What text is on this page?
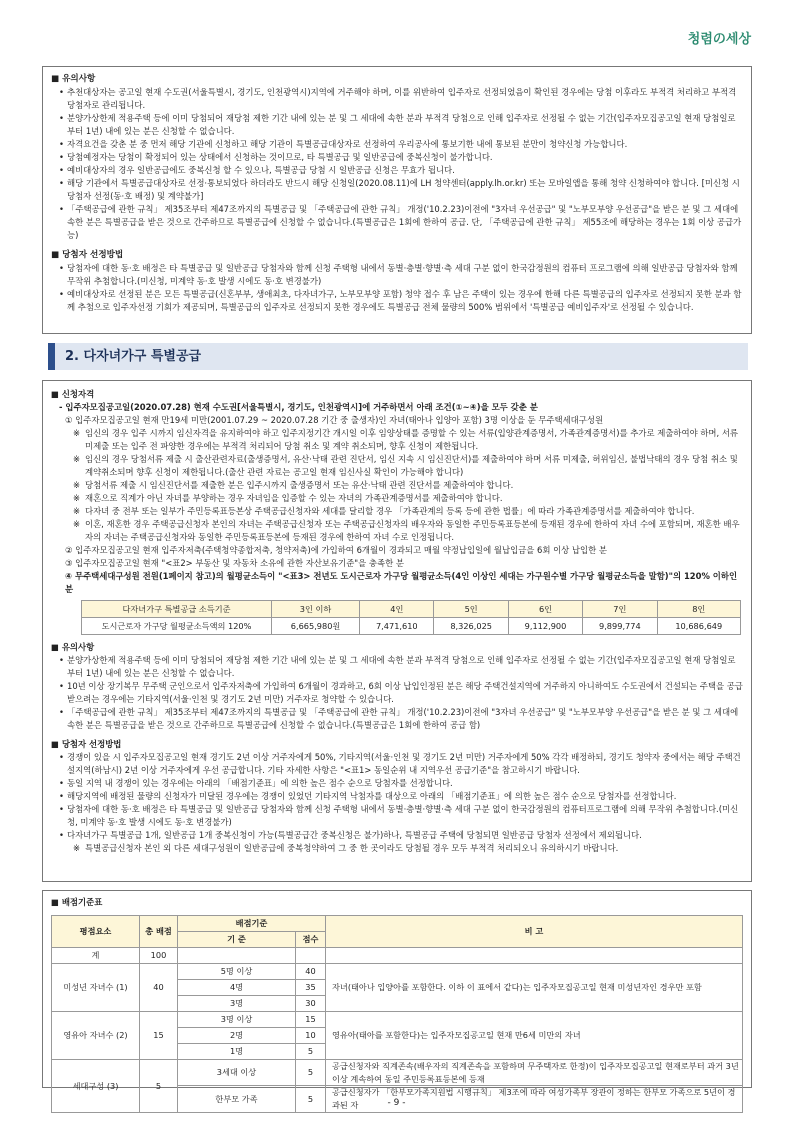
청렴の세상
■ 유의사항
• 추천대상자는 공고일 현재 수도권(서울특별시, 경기도, 인천광역시)지역에 거주해야 하며, 이를 위반하여 입주자로 선정되었음이 확인된 경우에는 당첨 이후라도 부적격 처리하고 부적격 당첨자로 관리됩니다.
• 분양가상한제 적용주택 등에 이미 당첨되어 재당첨 제한 기간 내에 있는 분 및 그 세대에 속한 분과 부적격 당첨으로 인해 입주자로 선정될 수 없는 기간(입주자모집공고일 현재 당첨일로부터 1년) 내에 있는 분은 신청할 수 없습니다.
• 자격요건을 갖춘 분 중 먼저 해당 기관에 신청하고 해당 기관이 특별공급대상자로 선정하여 우리공사에 통보기한 내에 통보된 분만이 청약신청 가능합니다.
• 당첨예정자는 당첨이 확정되어 있는 상태에서 신청하는 것이므로, 타 특별공급 및 일반공급에 중복신청이 불가합니다.
• 예비대상자의 경우 일반공급에도 중복신청 할 수 있으나, 특별공급 당첨 시 일반공급 신청은 무효가 됩니다.
• 해당 기관에서 특별공급대상자로 선정·통보되었다 하더라도 반드시 해당 신청일(2020.08.11)에 LH 청약센터(apply.lh.or.kr) 또는 모바일앱을 통해 청약 신청하여야 합니다. [미신청 시 당첨자 선정(동·호 배정) 및 계약불가]
• 「주택공급에 관한 규칙」 제35조부터 제47조까지의 특별공급 및 「주택공급에 관한 규칙」 개정('10.2.23)이전에 "3자녀 우선공급" 및 "노부모부양 우선공급"을 받은 분 및 그 세대에 속한 분은 특별공급을 받은 것으로 간주하므로 특별공급에 신청할 수 없습니다.(특별공급은 1회에 한하여 공급. 단, 「주택공급에 관한 규칙」 제55조에 해당하는 경우는 1회 이상 공급가능)
■ 당첨자 선정방법
• 당첨자에 대한 동·호 배정은 타 특별공급 및 일반공급 당첨자와 함께 신청 주택형 내에서 동별·층별·향별·측 세대 구분 없이 한국감정원의 컴퓨터 프로그램에 의해 일반공급 당첨자와 함께 무작위 추첨합니다.(미신청, 미계약 동·호 발생 시에도 동·호 변경불가)
• 예비대상자로 선정된 분은 모든 특별공급(신혼부부, 생애최초, 다자녀가구, 노부모부양 포함) 청약 접수 후 남은 주택이 있는 경우에 한해 다른 특별공급의 입주자로 선정되지 못한 분과 함께 추첨으로 입주자선정 기회가 제공되며, 특별공급의 입주자로 선정되지 못한 경우에도 특별공급 전체 물량의 500% 범위에서 '특별공급 예비입주자'로 선정될 수 있습니다.
2. 다자녀가구 특별공급
■ 신청자격
- 입주자모집공고일(2020.07.28) 현재 수도권[서울특별시, 경기도, 인천광역시]에 거주하면서 아래 조건(①~④)을 모두 갖춘 분
① 입주자모집공고일 현재 만19세 미만(2001.07.29 ~ 2020.07.28 기간 중 출생자)인 자녀(태아나 입양아 포함) 3명 이상을 둔 무주택세대구성원
※ 임신의 경우 입주 시까지 임신자격을 유지하여야 하고 입주지정기간 개시일 이후 임양상태를 증명할 수 있는 서류(입양관계증명서, 가족관계증명서)를 추가로 제출하여야 하며, 서류 미제출 또는 입주 전 파양한 경우에는 부적격 처리되어 당첨 취소 및 계약 취소되며, 향후 신청이 제한됩니다.
※ 임신의 경우 당첨서류 제출 시 출산관련자료(출생증명서, 유산·낙태 관련 진단서, 임신 지속 시 임신진단서)를 제출하여야 하며 서류 미제출, 허위임신, 불법낙태의 경우 당첨 취소 및 계약취소되며 향후 신청이 제한됩니다.(출산 관련 자료는 공고일 현재 임신사실 확인이 가능해야 합니다)
※ 당첨서류 제출 시 임신진단서를 제출한 분은 입주시까지 출생증명서 또는 유산·낙태 관련 진단서를 제출하여야 합니다.
※ 재혼으로 직계가 아닌 자녀를 부양하는 경우 자녀임을 입증할 수 있는 자녀의 가족관계증명서를 제출하여야 합니다.
※ 다자녀 중 전부 또는 일부가 주민등록표등본상 주택공급신청자와 세대를 달리할 경우 「가족관계의 등록 등에 관한 법률」에 따라 가족관계증명서를 제출하여야 합니다.
※ 이혼, 재혼한 경우 주택공급신청자 본인의 자녀는 주택공급신청자 또는 주택공급신청자의 배우자와 동일한 주민등록표등본에 등재된 경우에 한하여 자녀 수에 포함되며, 재혼한 배우자의 자녀는 주택공급신청자와 동일한 주민등록표등본에 등재된 경우에 한하여 자녀 수로 인정됩니다.
② 입주자모집공고일 현재 입주자저축(주택청약종합저축, 청약저축)에 가입하여 6개월이 경과되고 매월 약정납입일에 월납입금을 6회 이상 납입한 분
③ 입주자모집공고일 현재 "<표2> 부동산 및 자동차 소유에 관한 자산보유기준"을 충족한 분
④ 무주택세대구성원 전원(1페이지 참고)의 월평균소득이 "<표3> 전년도 도시근로자 가구당 월평균소득(4인 이상인 세대는 가구원수별 가구당 월평균소득을 말함)"의 120% 이하인 분
다자녀가구 특별공급 소득기준	3인 이하	4인	5인	6인	7인	8인
도시근로자 가구당 월평균소득액의 120%	6,665,980원	7,471,610	8,326,025	9,112,900	9,899,774	10,686,649
■ 유의사항
• 분양가상한제 적용주택 등에 이미 당첨되어 재당첨 제한 기간 내에 있는 분 및 그 세대에 속한 분과 부적격 당첨으로 인해 입주자로 선정될 수 없는 기간(입주자모집공고일 현재 당첨일로부터 1년) 내에 있는 분은 신청할 수 없습니다.
• 10년 이상 장기복무 무주택 군인으로서 입주자저축에 가입하여 6개월이 경과하고, 6회 이상 납입인정된 분은 해당 주택건설지역에 거주하지 아니하여도 수도권에서 건설되는 주택을 공급받으려는 경우에는 기타지역(서울·인천 및 경기도 2년 미만) 거주자로 청약할 수 있습니다.
• 「주택공급에 관한 규칙」 제35조부터 제47조까지의 특별공급 및 「주택공급에 관한 규칙」 개정('10.2.23)이전에 "3자녀 우선공급" 및 "노부모부양 우선공급"을 받은 분 및 그 세대에 속한 분은 특별공급을 받은 것으로 간주하므로 특별공급에 신청할 수 없습니다.(특별공급은 1회에 한하여 공급 함)
■ 당첨자 선정방법
• 경쟁이 있을 시 입주자모집공고일 현재 경기도 2년 이상 거주자에게 50%, 기타지역(서울·인천 및 경기도 2년 미만) 거주자에게 50% 각각 배정하되, 경기도 청약자 중에서는 해당 주택건설지역(하남시) 2년 이상 거주자에게 우선 공급합니다. 기타 자세한 사항은 "<표1> 동일순위 내 지역우선 공급기준"을 참고하시기 바랍니다.
• 동일 지역 내 경쟁이 있는 경우에는 아래의 「배점기준표」에 의한 높은 점수 순으로 당첨자를 선정합니다.
• 해당지역에 배정된 물량의 신청자가 미달된 경우에는 경쟁이 있었던 기타지역 낙첨자를 대상으로 아래의 「배점기준표」에 의한 높은 점수 순으로 당첨자를 선정합니다.
• 당첨자에 대한 동·호 배정은 타 특별공급 및 일반공급 당첨자와 함께 신청 주택형 내에서 동별·층별·향별·측 세대 구분 없이 한국감정원의 컴퓨터프로그램에 의해 무작위 추첨합니다.(미신청, 미계약 동·호 발생 시에도 동·호 변경불가)
• 다자녀가구 특별공급 1개, 일반공급 1개 중복신청이 가능(특별공급간 중복신청은 불가)하나, 특별공급 주택에 당첨되면 일반공급 당첨자 선정에서 제외됩니다.
※ 특별공급신청자 본인 외 다른 세대구성원이 일반공급에 중복청약하여 그 중 한 곳이라도 당첨될 경우 모두 부적격 처리되오니 유의하시기 바랍니다.
■ 배점기준표
평점요소	총 배점	배점기준		비 고
		기 준	점수	
계	100			
미성년 자녀수 (1)	40	5명 이상	40	자녀(태아나 입양아를 포함한다. 이하 이 표에서 같다)는 입주자모집공고일 현재 미성년자인 경우만 포함
		4명	35	
		3명	30	
영유아 자녀수 (2)	15	3명 이상	15	영유아(태아를 포함한다)는 입주자모집공고일 현재 만6세 미만의 자녀
		2명	10	
		1명	5	
세대구성 (3)	5	3세대 이상	5	공급신청자와 직계존속(배우자의 직계존속을 포함하며 무주택자로 한정)이 입주자모집공고일 현재로부터 과거 3년 이상 계속하여 동일 주민등록표등본에 등재
		한부모 가족	5	공급신청자가 「한부모가족지원법 시행규칙」 제3조에 따라 여성가족부 장관이 정하는 한부모 가족으로 5년이 경과된 자	- 9 -
